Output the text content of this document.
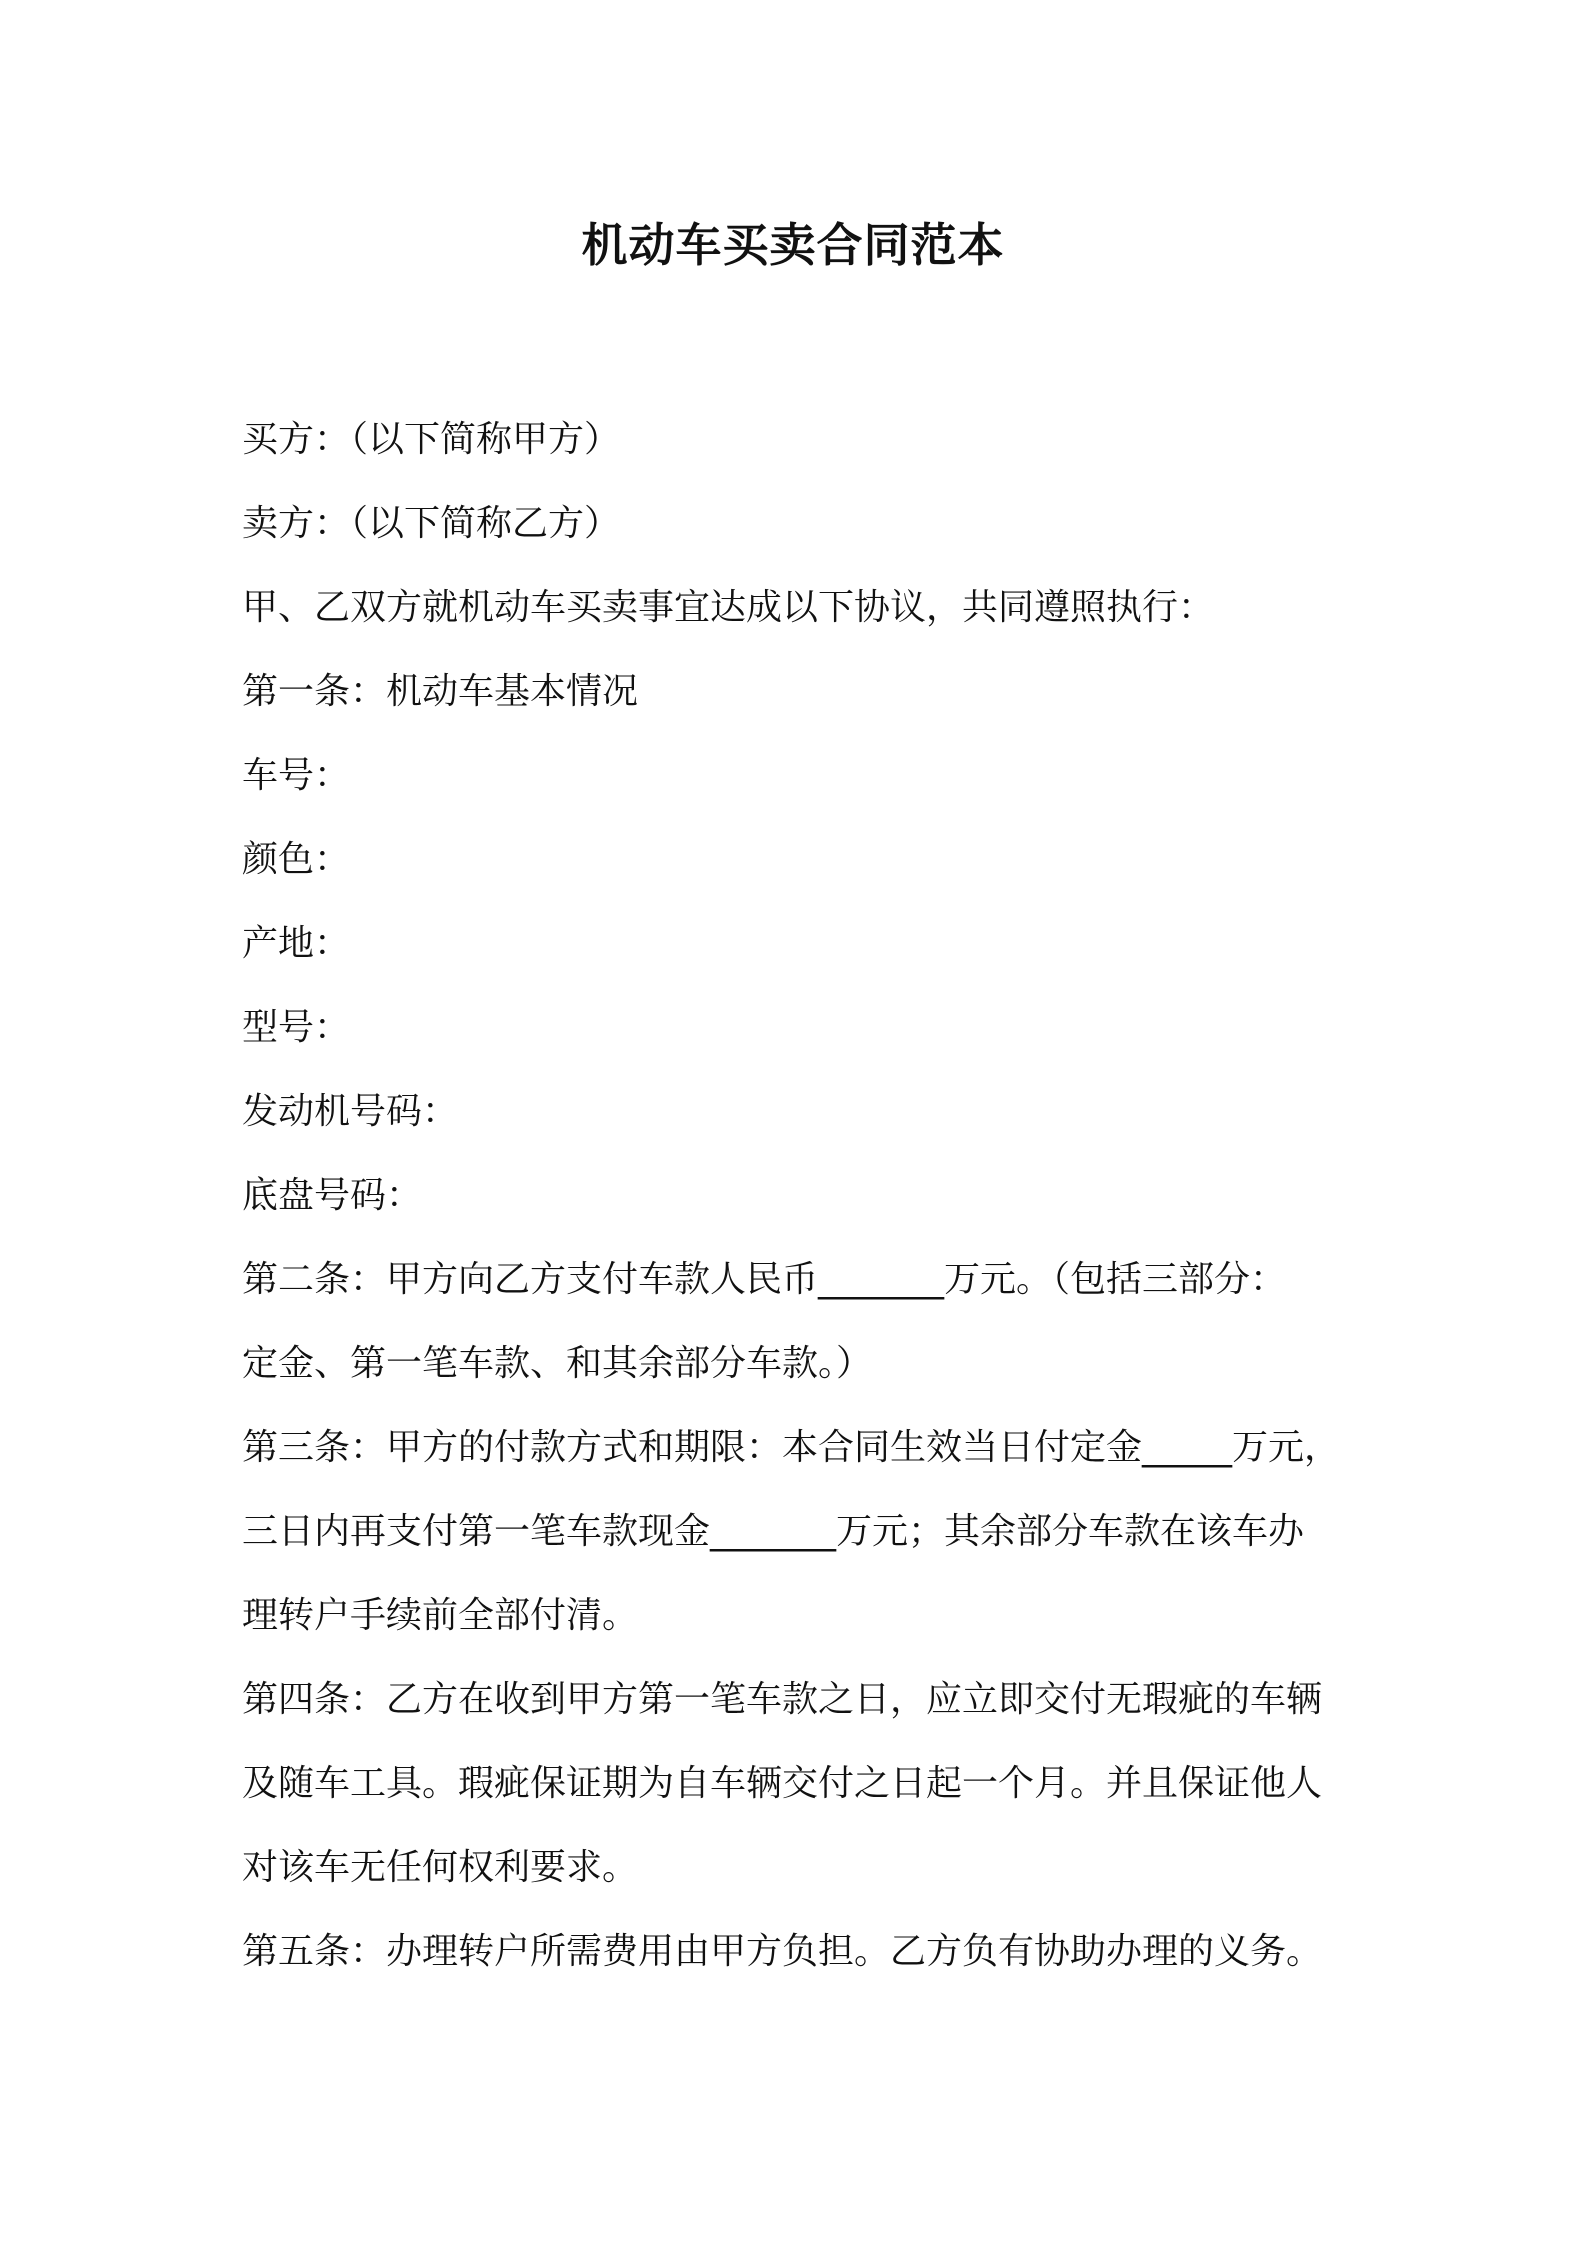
机动车买卖合同范本
买方：（以下简称甲方）
卖方：（以下简称乙方）
甲、乙双方就机动车买卖事宜达成以下协议，共同遵照执行：
第一条：机动车基本情况
车号：
颜色：
产地：
型号：
发动机号码：
底盘号码：
第二条：甲方向乙方支付车款人民币_______万元。（包括三部分：
定金、第一笔车款、和其余部分车款。）
第三条：甲方的付款方式和期限：本合同生效当日付定金_____万元，
三日内再支付第一笔车款现金_______万元；其余部分车款在该车办
理转户手续前全部付清。
第四条：乙方在收到甲方第一笔车款之日，应立即交付无瑕疵的车辆
及随车工具。瑕疵保证期为自车辆交付之日起一个月。并且保证他人
对该车无任何权利要求。
第五条：办理转户所需费用由甲方负担。乙方负有协助办理的义务。
